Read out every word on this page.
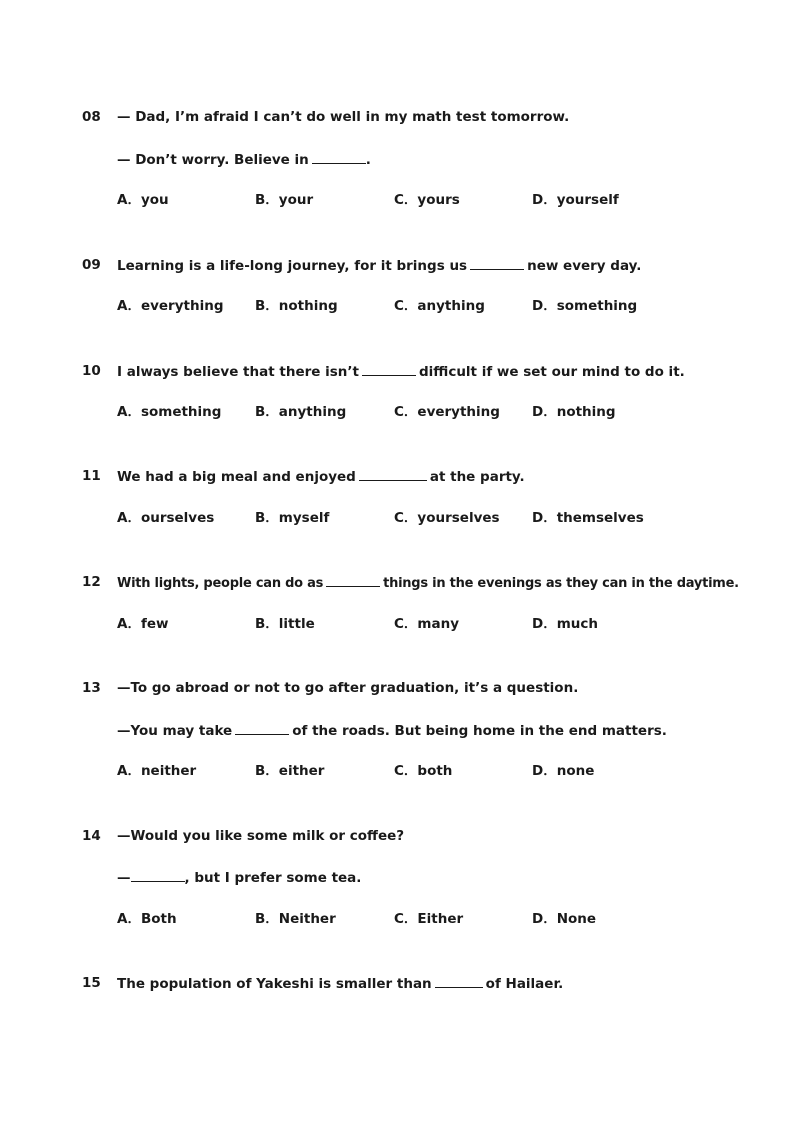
08 — Dad, I’m afraid I can’t do well in my math test tomorrow.
— Don’t worry. Believe in	.
A．you	B．your	C．yours	D．yourself
09 Learning is a life-long journey, for it brings us	new every day.
A．everything B．nothing	C．anything	D．something
10 I always believe that there isn’t	difficult if we set our mind to do it.
A．something B．anything	C．everything D．nothing
11 We had a big meal and enjoyed	at the party.
A．ourselves	B．myself	C．yourselves D．themselves
12 With lights, people can do as	things in the evenings as they can in the daytime.
A．few	B．little	C．many	D．much
13 —To go abroad or not to go after graduation, it’s a question.
—You may take	of the roads. But being home in the end matters.
A．neither	B．either	C．both	D．none
14 —Would you like some milk or coffee?
—	, but I prefer some tea.
A．Both	B．Neither	C．Either	D．None
15 The population of Yakeshi is smaller than	of Hailaer.
